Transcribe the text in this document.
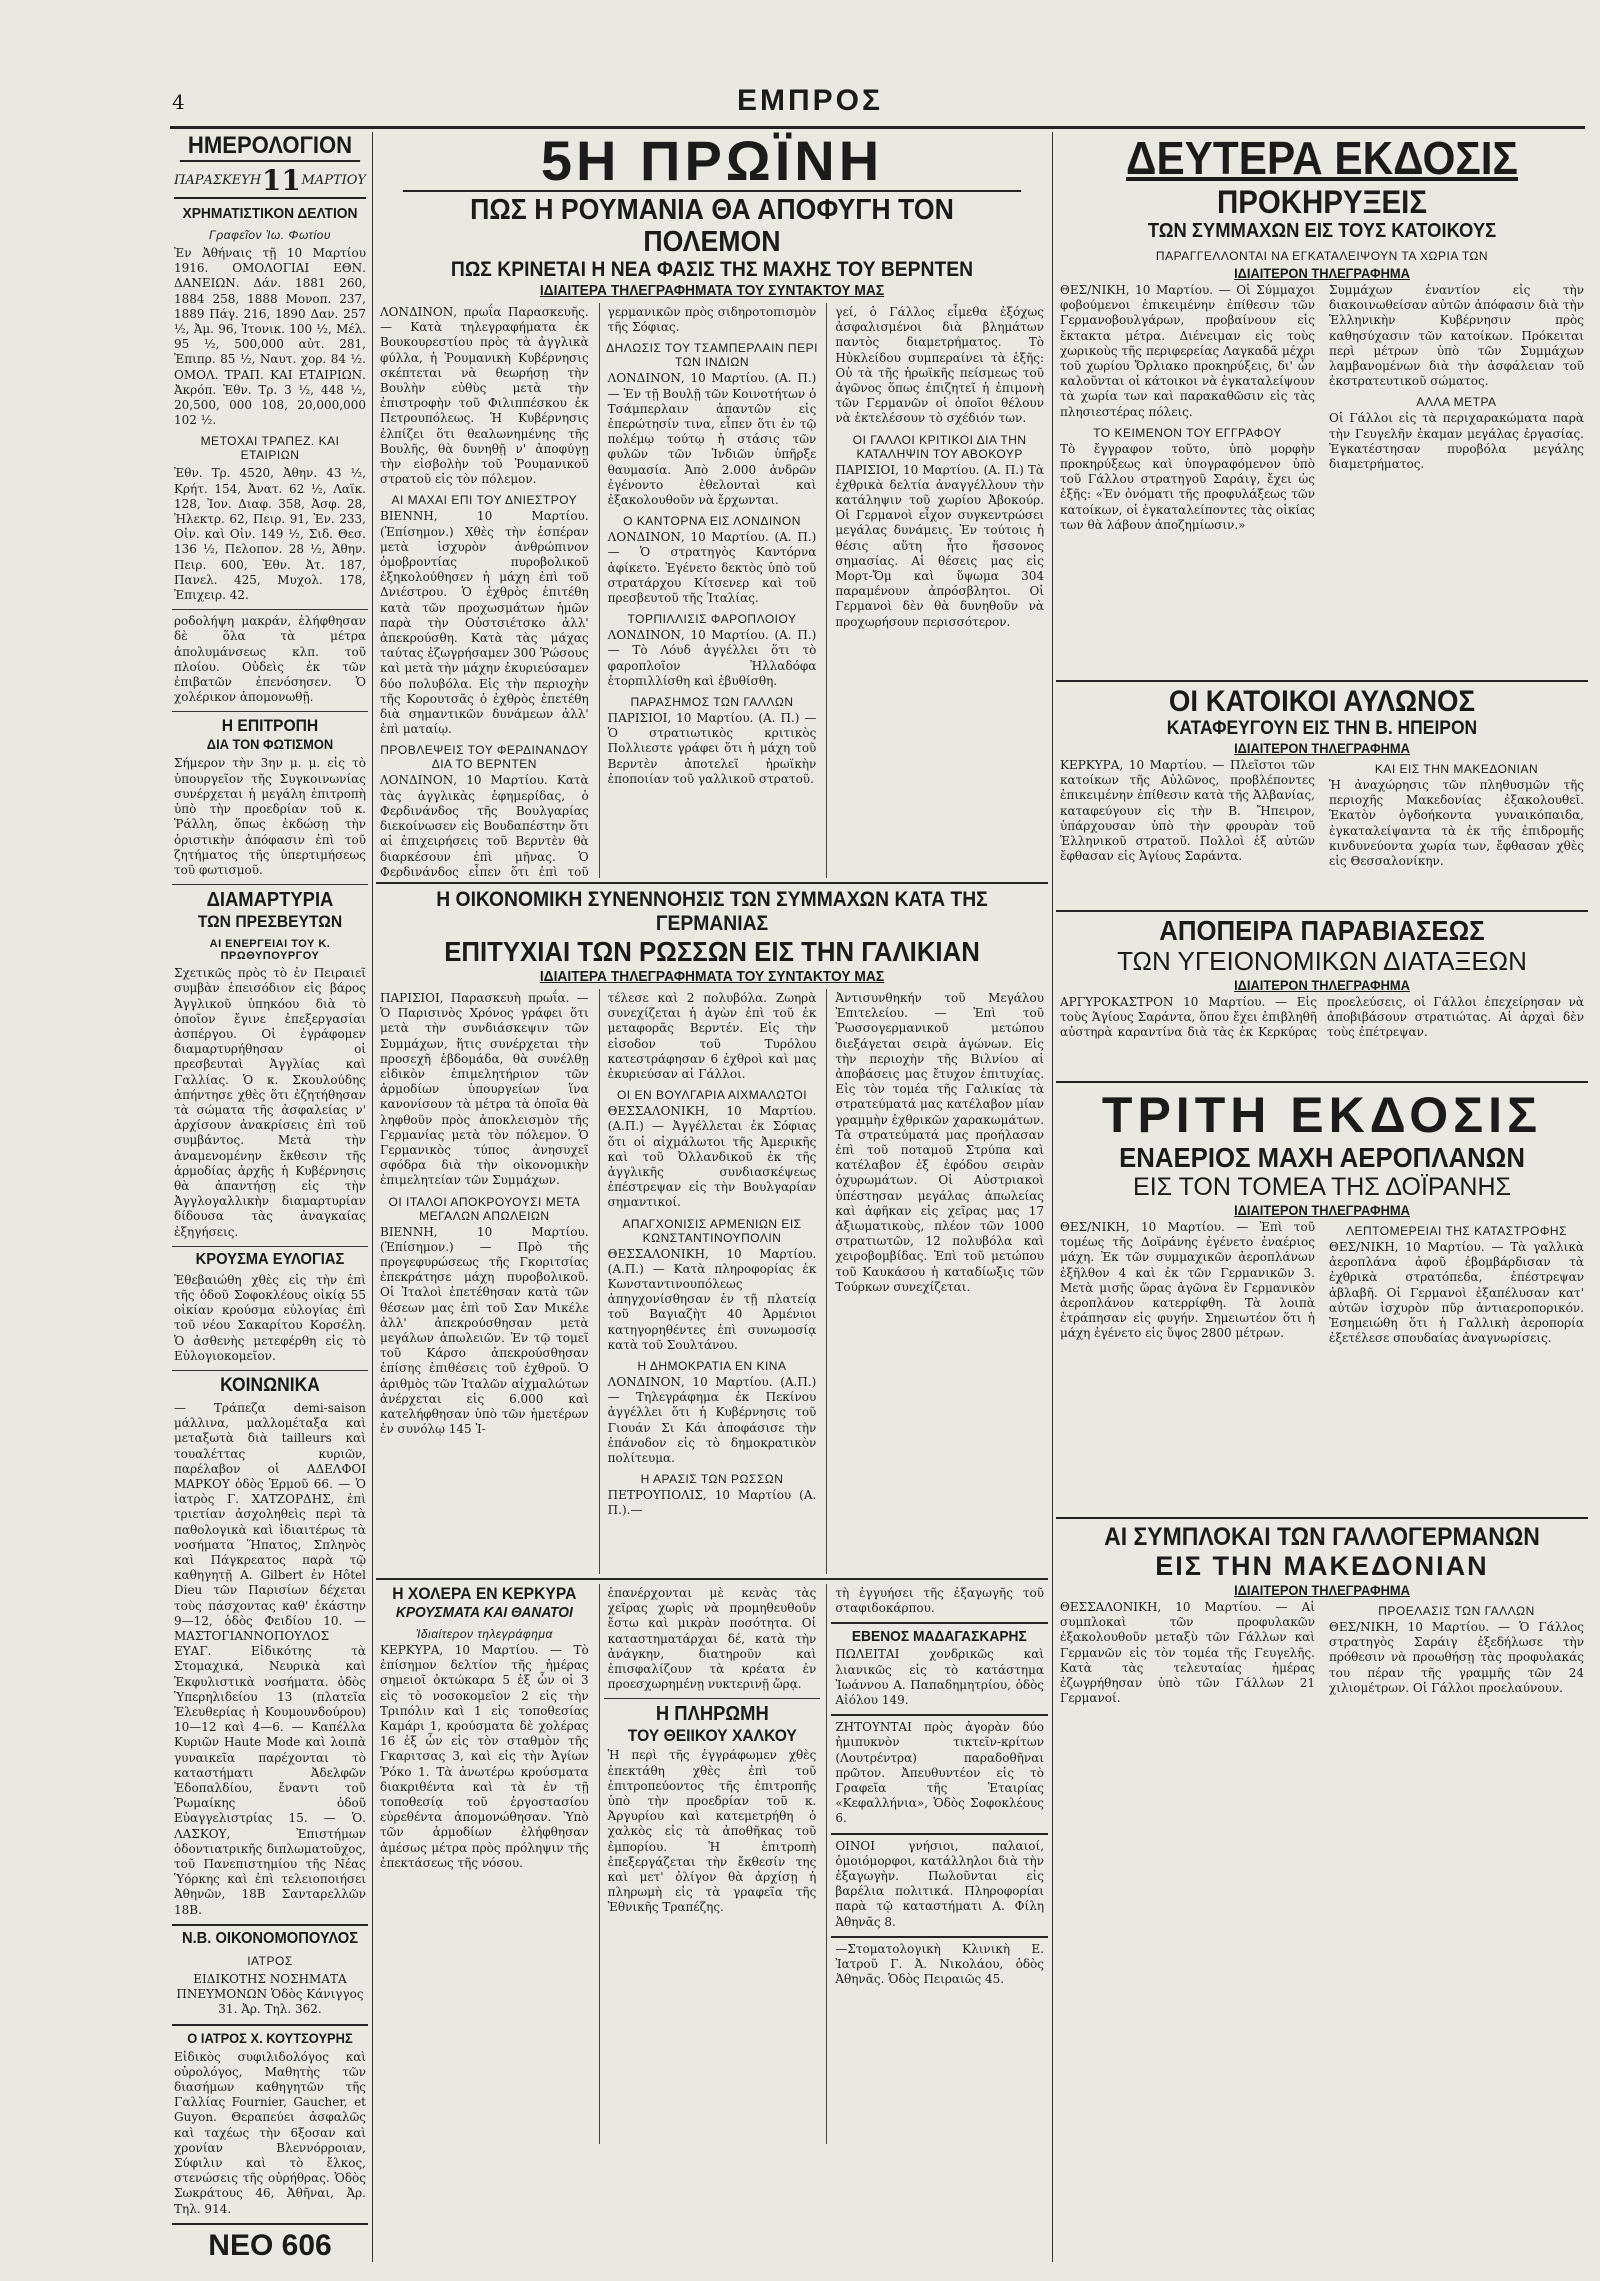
4	ΕΜΠΡΟΣ
ΗΜΕΡΟΛΟΓΙΟΝ
ΠΑΡΑΣΚΕΥΗ 11 ΜΑΡΤΙΟΥ
ΧΡΗΜΑΤΙΣΤΙΚΟΝ ΔΕΛΤΙΟΝ
Γραφεῖον Ἰω. Φωτίου
Ἐν Ἀθήναις τῇ 10 Μαρτίου 1916. ΟΜΟΛΟΓΙΑΙ ΕΘΝ. ΔΑΝΕΙΩΝ. Δάν. 1881 260, 1884 258, 1888 Μονοπ. 237, 1889 Πάγ. 216, 1890 Δαν. 257 ½, Ἀμ. 96, Ἰτονικ. 100 ½, Μέλ. 95 ½, 500,000 αὐτ. 281, Ἐπιπρ. 85 ½, Ναυτ. χορ. 84 ½. ΟΜΟΛ. ΤΡΑΠ. ΚΑΙ ΕΤΑΙΡΙΩΝ. Ἀκρόπ. Ἐθν. Τρ. 3 ½, 448 ½, 20,500, 000 108, 20,000,000 102 ½.
ΜΕΤΟΧΑΙ ΤΡΑΠΕΖ. ΚΑΙ ΕΤΑΙΡΙΩΝ
Ἐθν. Τρ. 4520, Ἀθην. 43 ½, Κρήτ. 154, Ἀνατ. 62 ½, Λαϊκ. 128, Ἰον. Διαφ. 358, Ἀσφ. 28, Ἠλεκτρ. 62, Πειρ. 91, Ἐν. 233, Οἰν. καὶ Οἰν. 149 ½, Σιδ. Θεσ. 136 ½, Πελοπον. 28 ½, Ἀθην. Πειρ. 600, Ἐθν. Ἀτ. 187, Πανελ. 425, Μυχολ. 178, Ἐπιχειρ. 42.
ροδολήψη μακράν, ἐλήφθησαν δὲ ὅλα τὰ μέτρα ἀπολυμάνσεως κλπ. τοῦ πλοίου. Οὐδεὶς ἐκ τῶν ἐπιβατῶν ἐπενόσησεν. Ὁ χολέρικον ἀπομονωθῇ.
Η ΕΠΙΤΡΟΠΗ
ΔΙΑ ΤΟΝ ΦΩΤΙΣΜΟΝ
Σήμερον τὴν 3ην μ. μ. εἰς τὸ ὑπουργεῖον τῆς Συγκοινωνίας συνέρχεται ἡ μεγάλη ἐπιτροπὴ ὑπὸ τὴν προεδρίαν τοῦ κ. Ῥάλλη, ὅπως ἐκδώσῃ τὴν ὁριστικὴν ἀπόφασιν ἐπὶ τοῦ ζητήματος τῆς ὑπερτιμήσεως τοῦ φωτισμοῦ.
ΔΙΑΜΑΡΤΥΡΙΑ
ΤΩΝ ΠΡΕΣΒΕΥΤΩΝ
ΑΙ ΕΝΕΡΓΕΙΑΙ ΤΟΥ Κ. ΠΡΩΘΥΠΟΥΡΓΟΥ
Σχετικῶς πρὸς τὸ ἐν Πειραιεῖ συμβὰν ἐπεισόδιον εἰς βάρος Ἀγγλικοῦ ὑπηκόου διὰ τὸ ὁποῖον ἔγινε ἐπεξεργασίαι ἀσπέργου. Οἱ ἐγράφομεν διαμαρτυρήθησαν οἱ πρεσβευταὶ Ἀγγλίας καὶ Γαλλίας. Ὁ κ. Σκουλούδης ἀπήντησε χθὲς ὅτι ἐζητήθησαν τὰ σώματα τῆς ἀσφαλείας ν' ἀρχίσουν ἀνακρίσεις ἐπὶ τοῦ συμβάντος. Μετὰ τὴν ἀναμενομένην ἔκθεσιν τῆς ἁρμοδίας ἀρχῆς ἡ Κυβέρνησις θὰ ἀπαντήσῃ εἰς τὴν Ἀγγλογαλλικὴν διαμαρτυρίαν δίδουσα τὰς ἀναγκαίας ἐξηγήσεις.
ΚΡΟΥΣΜΑ ΕΥΛΟΓΙΑΣ
Ἐθεβαιώθη χθὲς εἰς τὴν ἐπὶ τῆς ὁδοῦ Σοφοκλέους οἰκίᾳ 55 οἰκίαν κρούσμα εὐλογίας ἐπὶ τοῦ νέου Σακαρίτου Κορσέλη. Ὁ ἀσθενὴς μετεφέρθη εἰς τὸ Εὐλογιοκομεῖον.
ΚΟΙΝΩΝΙΚΑ
— Τράπεζα demi-saison μάλλινα, μαλλομέταξα καὶ μεταξωτὰ διὰ tailleurs καὶ τουαλέττας κυριῶν, παρέλαβον οἱ ΑΔΕΛΦΟΙ ΜΑΡΚΟΥ ὁδὸς Ἑρμοῦ 66. — Ὁ ἰατρὸς Γ. ΧΑΤΖΟΡΔΗΣ, ἐπὶ τριετίαν ἀσχοληθεὶς περὶ τὰ παθολογικὰ καὶ ἰδιαιτέρως τὰ νοσήματα Ἥπατος, Σπληνὸς καὶ Πάγκρεατος παρὰ τῷ καθηγητῇ A. Gilbert ἐν Hôtel Dieu τῶν Παρισίων δέχεται τοὺς πάσχοντας καθ' ἑκάστην 9—12, ὁδὸς Φειδίου 10. — ΜΑΣΤΟΓΙΑΝΝΟΠΟΥΛΟΣ ΕΥΑΓ. Εἰδικότης τὰ Στομαχικά, Νευρικὰ καὶ Ἐκφυλιστικὰ νοσήματα. ὁδὸς Ὑπερηλιδείου 13 (πλατεῖα Ἐλευθερίας ἡ Κουμουνδούρου) 10—12 καὶ 4—6. — Καπέλλα Κυριῶν Haute Mode καὶ λοιπὰ γυναικεῖα παρέχονται τὸ καταστήματι Ἀδελφῶν Ἐδοπαλδίου, ἔναντι τοῦ Ῥωμαίκης ὁδοῦ Εὐαγγελιστρίας 15. — Ὁ. ΛΑΣΚΟΥ, Ἐπιστήμων ὀδοντιατρικῆς διπλωματοῦχος, τοῦ Πανεπιστημίου τῆς Νέας Ὑόρκης καὶ ἐπὶ τελειοποιήσει Ἀθηνῶν, 18Β Σανταρελλῶν 18Β.
Ν.Β. ΟΙΚΟΝΟΜΟΠΟΥΛΟΣ
ΙΑΤΡΟΣ
ΕΙΔΙΚΟΤΗΣ ΝΟΣΗΜΑΤΑ ΠΝΕΥΜΟΝΩΝ Ὁδὸς Κάνιγγος 31. Ἀρ. Τηλ. 362.
Ο ΙΑΤΡΟΣ Χ. ΚΟΥΤΣΟΥΡΗΣ
Εἰδικὸς συφιλιδολόγος καὶ οὐρολόγος, Μαθητὴς τῶν διασήμων καθηγητῶν τῆς Γαλλίας Fournier, Gaucher, et Guyon. Θεραπεύει ἀσφαλῶς καὶ ταχέως τὴν 6ξοσαν καὶ χρονίαν Βλεννόρροιαν, Σύφιλιν καὶ τὸ ἔλκος, στενώσεις τῆς οὐρήθρας. Ὁδὸς Σωκράτους 46, Ἀθῆναι, Ἀρ. Τηλ. 914.
ΝΕΟ 606
5Η ΠΡΩΪΝΗ
ΠΩΣ Η ΡΟΥΜΑΝΙΑ ΘΑ ΑΠΟΦΥΓΗ ΤΟΝ ΠΟΛΕΜΟΝ
ΠΩΣ ΚΡΙΝΕΤΑΙ Η ΝΕΑ ΦΑΣΙΣ ΤΗΣ ΜΑΧΗΣ ΤΟΥ ΒΕΡΝΤΕΝ
ΙΔΙΑΙΤΕΡΑ ΤΗΛΕΓΡΑΦΗΜΑΤΑ ΤΟΥ ΣΥΝΤΑΚΤΟΥ ΜΑΣ
ΛΟΝΔΙΝΟΝ, πρωΐα Παρασκευῆς.— Κατὰ τηλεγραφήματα ἐκ Βουκουρεστίου πρὸς τὰ ἀγγλικὰ φύλλα, ἡ Ῥουμανικὴ Κυβέρνησις σκέπτεται νὰ θεωρήσῃ τὴν Βουλὴν εὐθὺς μετὰ τὴν ἐπιστροφὴν τοῦ Φιλιππέσκου ἐκ Πετρουπόλεως. Ἡ Κυβέρνησις ἐλπίζει ὅτι θεαλωνημένης τῆς Βουλῆς, θὰ δυνηθῇ ν' ἀποφύγῃ τὴν εἰσβολὴν τοῦ Ῥουμανικοῦ στρατοῦ εἰς τὸν πόλεμον.
ΑΙ ΜΑΧΑΙ ΕΠΙ ΤΟΥ ΔΝΙΕΣΤΡΟΥ
ΒΙΕΝΝΗ, 10 Μαρτίου. (Ἐπίσημον.) Χθὲς τὴν ἑσπέραν μετὰ ἰσχυρὸν ἀνθρώπινον ὁμοβροντίας πυροβολικοῦ ἐξηκολούθησεν ἡ μάχη ἐπὶ τοῦ Δνιέστρου. Ὁ ἐχθρὸς ἐπιτέθη κατὰ τῶν προχωσμάτων ἡμῶν παρὰ τὴν Οὐστσιέτσκο ἀλλ' ἀπεκρούσθη. Κατὰ τὰς μάχας ταύτας ἐζωγρήσαμεν 300 Ῥώσους καὶ μετὰ τὴν μάχην ἐκυριεύσαμεν δύο πολυβόλα. Εἰς τὴν περιοχὴν τῆς Κορουτσᾶς ὁ ἐχθρὸς ἐπετέθη διὰ σημαντικῶν δυνάμεων ἀλλ' ἐπὶ ματαίῳ.
ΠΡΟΒΛΕΨΕΙΣ ΤΟΥ ΦΕΡΔΙΝΑΝΔΟΥ ΔΙΑ ΤΟ ΒΕΡΝΤΕΝ
ΛΟΝΔΙΝΟΝ, 10 Μαρτίου. Κατὰ τὰς ἀγγλικὰς ἐφημερίδας, ὁ Φερδινάνδος τῆς Βουλγαρίας διεκοίνωσεν εἰς Βουδαπέστην ὅτι αἱ ἐπιχειρήσεις τοῦ Βερντὲν θὰ διαρκέσουν ἐπὶ μῆνας. Ὁ Φερδινάνδος εἶπεν ὅτι ἐπὶ τοῦ
γερμανικῶν πρὸς σιδηροτοπισμὸν τῆς Σόφιας.
ΔΗΛΩΣΙΣ ΤΟΥ ΤΣΑΜΠΕΡΛΑΙΝ ΠΕΡΙ ΤΩΝ ΙΝΔΙΩΝ
ΛΟΝΔΙΝΟΝ, 10 Μαρτίου. (Α. Π.) — Ἐν τῇ Βουλῇ τῶν Κοινοτήτων ὁ Τσάμπερλαιν ἀπαντῶν εἰς ἐπερώτησίν τινα, εἶπεν ὅτι ἐν τῷ πολέμῳ τούτῳ ἡ στάσις τῶν φυλῶν τῶν Ἰνδιῶν ὑπῆρξε θαυμασία. Ἀπὸ 2.000 ἀνδρῶν ἐγένοντο ἐθελονταὶ καὶ ἐξακολουθοῦν νὰ ἔρχωνται.
Ο ΚΑΝΤΟΡΝΑ ΕΙΣ ΛΟΝΔΙΝΟΝ
ΛΟΝΔΙΝΟΝ, 10 Μαρτίου. (Α. Π.) — Ὁ στρατηγὸς Καντόρνα ἀφίκετο. Ἐγένετο δεκτὸς ὑπὸ τοῦ στρατάρχου Κίτσενερ καὶ τοῦ πρεσβευτοῦ τῆς Ἰταλίας.
ΤΟΡΠΙΛΛΙΣΙΣ ΦΑΡΟΠΛΟΙΟΥ
ΛΟΝΔΙΝΟΝ, 10 Μαρτίου. (Α. Π.) — Τὸ Λόυδ ἀγγέλλει ὅτι τὸ φαροπλοῖον Ἠλλαδόφα ἐτορπιλλίσθη καὶ ἐβυθίσθη.
ΠΑΡΑΣΗΜΟΣ ΤΩΝ ΓΑΛΛΩΝ
ΠΑΡΙΣΙΟΙ, 10 Μαρτίου. (Α. Π.) — Ὁ στρατιωτικὸς κριτικὸς Πολλιεστε γράφει ὅτι ἡ μάχη τοῦ Βερντὲν ἀποτελεῖ ἡρωϊκὴν ἐποποιίαν τοῦ γαλλικοῦ στρατοῦ.
γεί, ὁ Γάλλος εἶμεθα ἐξόχως ἀσφαλισμένοι διὰ βλημάτων παντὸς διαμετρήματος. Τὸ Ηὐκλείδου συμπεραίνει τὰ ἑξῆς: Οὐ τὰ τῆς ἡρωϊκῆς πείσμεως τοῦ ἀγῶνος ὅπως ἐπιζητεῖ ἡ ἐπιμονὴ τῶν Γερμανῶν οἱ ὁποῖοι θέλουν νὰ ἐκτελέσουν τὸ σχέδιόν των.
ΟΙ ΓΑΛΛΟΙ ΚΡΙΤΙΚΟΙ ΔΙΑ ΤΗΝ ΚΑΤΑΛΗΨΙΝ ΤΟΥ ΑΒΟΚΟΥΡ
ΠΑΡΙΣΙΟΙ, 10 Μαρτίου. (Α. Π.) Τὰ ἐχθρικὰ δελτία ἀναγγέλλουν τὴν κατάληψιν τοῦ χωρίου Ἀβοκούρ. Οἱ Γερμανοὶ εἶχον συγκεντρώσει μεγάλας δυνάμεις. Ἐν τούτοις ἡ θέσις αὕτη ἦτο ἥσσονος σημασίας. Αἱ θέσεις μας εἰς Μορτ-Ὄμ καὶ ὕψωμα 304 παραμένουν ἀπρόσβλητοι. Οἱ Γερμανοὶ δὲν θὰ δυνηθοῦν νὰ προχωρήσουν περισσότερον.
Η ΟΙΚΟΝΟΜΙΚΗ ΣΥΝΕΝΝΟΗΣΙΣ ΤΩΝ ΣΥΜΜΑΧΩΝ ΚΑΤΑ ΤΗΣ ΓΕΡΜΑΝΙΑΣ
ΕΠΙΤΥΧΙΑΙ ΤΩΝ ΡΩΣΣΩΝ ΕΙΣ ΤΗΝ ΓΑΛΙΚΙΑΝ
ΙΔΙΑΙΤΕΡΑ ΤΗΛΕΓΡΑΦΗΜΑΤΑ ΤΟΥ ΣΥΝΤΑΚΤΟΥ ΜΑΣ
ΠΑΡΙΣΙΟΙ, Παρασκευὴ πρωΐα. — Ὁ Παρισινὸς Χρόνος γράφει ὅτι μετὰ τὴν συνδιάσκεψιν τῶν Συμμάχων, ἥτις συνέρχεται τὴν προσεχῆ ἑβδομάδα, θὰ συνέλθῃ εἰδικὸν ἐπιμελητήριον τῶν ἀρμοδίων ὑπουργείων ἵνα κανονίσουν τὰ μέτρα τὰ ὁποῖα θὰ ληφθοῦν πρὸς ἀποκλεισμὸν τῆς Γερμανίας μετὰ τὸν πόλεμον. Ὁ Γερμανικὸς τύπος ἀνησυχεῖ σφόδρα διὰ τὴν οἰκονομικὴν ἐπιμελητείαν τῶν Συμμάχων.
ΟΙ ΙΤΑΛΟΙ ΑΠΟΚΡΟΥΟΥΣΙ ΜΕΤΑ ΜΕΓΑΛΩΝ ΑΠΩΛΕΙΩΝ
ΒΙΕΝΝΗ, 10 Μαρτίου. (Ἐπίσημον.) — Πρὸ τῆς προγεφυρώσεως τῆς Γκοριτσίας ἐπεκράτησε μάχη πυροβολικοῦ. Οἱ Ἰταλοὶ ἐπετέθησαν κατὰ τῶν θέσεων μας ἐπὶ τοῦ Σαν Μικέλε ἀλλ' ἀπεκρούσθησαν μετὰ μεγάλων ἀπωλειῶν. Ἐν τῷ τομεῖ τοῦ Κάρσο ἀπεκρούσθησαν ἐπίσης ἐπιθέσεις τοῦ ἐχθροῦ. Ὁ ἀριθμὸς τῶν Ἰταλῶν αἰχμαλώτων ἀνέρχεται εἰς 6.000 καὶ κατελήφθησαν ὑπὸ τῶν ἡμετέρων ἐν συνόλῳ 145 Ἰ-
τέλεσε καὶ 2 πολυβόλα. Ζωηρὰ συνεχίζεται ἡ ἀγὼν ἐπὶ τοῦ ἐκ μεταφορᾶς Βερντέν. Εἰς τὴν εἰσοδον τοῦ Τυρόλου κατεστράφησαν 6 ἐχθροὶ καὶ μας ἐκυριεύσαν αἱ Γάλλοι.
ΟΙ ΕΝ ΒΟΥΛΓΑΡΙΑ ΑΙΧΜΑΛΩΤΟΙ
ΘΕΣΣΑΛΟΝΙΚΗ, 10 Μαρτίου. (Α.Π.) — Ἀγγέλλεται ἐκ Σόφιας ὅτι οἱ αἰχμάλωτοι τῆς Ἀμερικῆς καὶ τοῦ Ὀλλανδικοῦ ἐκ τῆς ἀγγλικῆς συνδιασκέψεως ἐπέστρεψαν εἰς τὴν Βουλγαρίαν σημαντικοί.
ΑΠΑΓΧΟΝΙΣΙΣ ΑΡΜΕΝΙΩΝ ΕΙΣ ΚΩΝΣΤΑΝΤΙΝΟΥΠΟΛΙΝ
ΘΕΣΣΑΛΟΝΙΚΗ, 10 Μαρτίου. (Α.Π.) — Κατὰ πληροφορίας ἐκ Κωνσταντινουπόλεως ἀπηγχονίσθησαν ἐν τῇ πλατείᾳ τοῦ Βαγιαζὴτ 40 Ἀρμένιοι κατηγορηθέντες ἐπὶ συνωμοσίᾳ κατὰ τοῦ Σουλτάνου.
Η ΔΗΜΟΚΡΑΤΙΑ ΕΝ ΚΙΝΑ
ΛΟΝΔΙΝΟΝ, 10 Μαρτίου. (Α.Π.) — Τηλεγράφημα ἐκ Πεκίνου ἀγγέλλει ὅτι ἡ Κυβέρνησις τοῦ Γιουάν Σι Κάι ἀποφάσισε τὴν ἐπάνοδον εἰς τὸ δημοκρατικὸν πολίτευμα.
Η ΑΡΑΣΙΣ ΤΩΝ ΡΩΣΣΩΝ
ΠΕΤΡΟΥΠΟΛΙΣ, 10 Μαρτίου (Α. Π.).—
Ἀντισυνθηκήν τοῦ Μεγάλου Ἐπιτελείου. — Ἐπὶ τοῦ Ῥωσσογερμανικοῦ μετώπου διεξάγεται σειρὰ ἀγώνων. Εἰς τὴν περιοχὴν τῆς Βιλνίου αἱ ἀποβάσεις μας ἔτυχον ἐπιτυχίας. Εἰς τὸν τομέα τῆς Γαλικίας τὰ στρατεύματά μας κατέλαβον μίαν γραμμὴν ἐχθρικῶν χαρακωμάτων. Τὰ στρατεύματά μας προήλασαν ἐπὶ τοῦ ποταμοῦ Στρύπα καὶ κατέλαβον ἐξ ἐφόδου σειρὰν ὀχυρωμάτων. Οἱ Αὐστριακοὶ ὑπέστησαν μεγάλας ἀπωλείας καὶ ἀφῆκαν εἰς χεῖρας μας 17 ἀξιωματικοὺς, πλέον τῶν 1000 στρατιωτῶν, 12 πολυβόλα καὶ χειροβομβίδας. Ἐπὶ τοῦ μετώπου τοῦ Καυκάσου ἡ καταδίωξις τῶν Τούρκων συνεχίζεται.
Η ΧΟΛΕΡΑ ΕΝ ΚΕΡΚΥΡΑ
ΚΡΟΥΣΜΑΤΑ ΚΑΙ ΘΑΝΑΤΟΙ
Ἰδιαίτερον τηλεγράφημα
ΚΕΡΚΥΡΑ, 10 Μαρτίου. — Τὸ ἐπίσημον δελτίον τῆς ἡμέρας σημειοῖ ὀκτώκαρα 5 ἐξ ὧν οἱ 3 εἰς τὸ νοσοκομεῖον 2 εἰς τὴν Τριπόλιν καὶ 1 εἰς τοποθεσίας Καμάρι 1, κρούσματα δὲ χολέρας 16 ἐξ ὧν εἰς τὸν σταθμὸν τῆς Γκαριτσας 3, καὶ εἰς τὴν Ἀγίων Ῥόκο 1. Τὰ ἀνωτέρω κρούσματα διακριθέντα καὶ τὰ ἐν τῇ τοποθεσίᾳ τοῦ ἐργοστασίου εὑρεθέντα ἀπομονώθησαν. Ὑπὸ τῶν ἀρμοδίων ἐλήφθησαν ἀμέσως μέτρα πρὸς πρόληψιν τῆς ἐπεκτάσεως τῆς νόσου.
ἐπανέρχονται μὲ κενὰς τὰς χεῖρας χωρὶς νὰ προμηθευθοῦν ἔστω καὶ μικρὰν ποσότητα. Οἱ καταστηματάρχαι δέ, κατὰ τὴν ἀνάγκην, διατηροῦν καὶ ἐπισφαλίζουν τὰ κρέατα ἐν προεσχωρημένῃ νυκτερινῇ ὥρᾳ.
Η ΠΛΗΡΩΜΗ
ΤΟΥ ΘΕΙΙΚΟΥ ΧΑΛΚΟΥ
Ἡ περὶ τῆς ἐγγράφωμεν χθὲς ἐπεκτάθη χθὲς ἐπὶ τοῦ ἐπιτροπεύοντος τῆς ἐπιτροπῆς ὑπὸ τὴν προεδρίαν τοῦ κ. Ἀργυρίου καὶ κατεμετρήθη ὁ χαλκὸς εἰς τὰ ἀποθῆκας τοῦ ἐμπορίου. Ἡ ἐπιτροπὴ ἐπεξεργάζεται τὴν ἔκθεσίν της καὶ μετ' ὀλίγον θὰ ἀρχίσῃ ἡ πληρωμὴ εἰς τὰ γραφεῖα τῆς Ἐθνικῆς Τραπέζης.
τὴ ἐγγυήσει τῆς ἐξαγωγῆς τοῦ σταφιδοκάρπου.
ΕΒΕΝΟΣ ΜΑΔΑΓΑΣΚΑΡΗΣ
ΠΩΛΕΙΤΑΙ χονδρικῶς καὶ λιανικῶς εἰς τὸ κατάστημα Ἰωάννου Α. Παπαδημητρίου, ὁδὸς Αἰόλου 149.
ΖΗΤΟΥΝΤΑΙ πρὸς ἀγορὰν δύο ἠμιπυκνὸν τικτεῖν-κρίτων (Λουτρέντρα) παραδοθῆναι πρῶτον. Ἀπευθυντέον εἰς τὸ Γραφεῖα τῆς Ἑταιρίας «Κεφαλλήνια», Ὁδὸς Σοφοκλέους 6.
ΟΙΝΟΙ γνήσιοι, παλαιοί, ὁμοιόμορφοι, κατάλληλοι διὰ τὴν ἐξαγωγὴν. Πωλοῦνται εἰς βαρέλια πολιτικά. Πληροφορίαι παρὰ τῷ καταστήματι Α. Φίλη Ἀθηνᾶς 8.
—Στοματολογικὴ Κλινικὴ Ε. Ἰατροῦ Γ. Ἀ. Νικολάου, ὁδὸς Ἀθηνᾶς. Ὁδὸς Πειραιῶς 45.
ΔΕΥΤΕΡΑ ΕΚΔΟΣΙΣ
ΠΡΟΚΗΡΥΞΕΙΣ
ΤΩΝ ΣΥΜΜΑΧΩΝ ΕΙΣ ΤΟΥΣ ΚΑΤΟΙΚΟΥΣ
ΠΑΡΑΓΓΕΛΛΟΝΤΑΙ ΝΑ ΕΓΚΑΤΑΛΕΙΨΟΥΝ ΤΑ ΧΩΡΙΑ ΤΩΝ
ΙΔΙΑΙΤΕΡΟΝ ΤΗΛΕΓΡΑΦΗΜΑ
ΘΕΣ/ΝΙΚΗ, 10 Μαρτίου. — Οἱ Σύμμαχοι φοβούμενοι ἐπικειμένην ἐπίθεσιν τῶν Γερμανοβουλγάρων, προβαίνουν εἰς ἔκτακτα μέτρα. Διένειμαν εἰς τοὺς χωρικοὺς τῆς περιφερείας Λαγκαδᾶ μέχρι τοῦ χωρίου Ὄρλιακο προκηρύξεις, δι' ὧν καλοῦνται οἱ κάτοικοι νὰ ἐγκαταλείψουν τὰ χωρία των καὶ παρακαθῶσιν εἰς τὰς πλησιεστέρας πόλεις.
ΤΟ ΚΕΙΜΕΝΟΝ ΤΟΥ ΕΓΓΡΑΦΟΥ
Τὸ ἔγγραφον τοῦτο, ὑπὸ μορφὴν προκηρύξεως καὶ ὑπογραφόμενον ὑπὸ τοῦ Γάλλου στρατηγοῦ Σαράιγ, ἔχει ὡς ἑξῆς: «Ἐν ὀνόματι τῆς προφυλάξεως τῶν κατοίκων, οἱ ἐγκαταλείποντες τὰς οἰκίας των θὰ λάβουν ἀποζημίωσιν.»
Συμμάχων ἐναντίον εἰς τὴν διακοινωθείσαν αὐτῶν ἀπόφασιν διὰ τὴν Ἑλληνικὴν Κυβέρνησιν πρὸς καθησύχασιν τῶν κατοίκων. Πρόκειται περὶ μέτρων ὑπὸ τῶν Συμμάχων λαμβανομένων διὰ τὴν ἀσφάλειαν τοῦ ἐκστρατευτικοῦ σώματος.
ΑΛΛΑ ΜΕΤΡΑ
Οἱ Γάλλοι εἰς τὰ περιχαρακώματα παρὰ τὴν Γευγελῆν ἐκαμαν μεγάλας ἐργασίας. Ἐγκατέστησαν πυροβόλα μεγάλης διαμετρήματος.
ΟΙ ΚΑΤΟΙΚΟΙ ΑΥΛΩΝΟΣ
ΚΑΤΑΦΕΥΓΟΥΝ ΕΙΣ ΤΗΝ Β. ΗΠΕΙΡΟΝ
ΙΔΙΑΙΤΕΡΟΝ ΤΗΛΕΓΡΑΦΗΜΑ
ΚΕΡΚΥΡΑ, 10 Μαρτίου. — Πλεῖστοι τῶν κατοίκων τῆς Αὐλῶνος, προβλέποντες ἐπικειμένην ἐπίθεσιν κατὰ τῆς Ἀλβανίας, καταφεύγουν εἰς τὴν Β. Ἤπειρον, ὑπάρχουσαν ὑπὸ τὴν φρουρὰν τοῦ Ἑλληνικοῦ στρατοῦ. Πολλοὶ ἐξ αὐτῶν ἔφθασαν εἰς Ἀγίους Σαράντα.
ΚΑΙ ΕΙΣ ΤΗΝ ΜΑΚΕΔΟΝΙΑΝ
Ἡ ἀναχώρησις τῶν πληθυσμῶν τῆς περιοχῆς Μακεδονίας ἐξακολουθεῖ. Ἑκατὸν ὀγδοήκοντα γυναικόπαιδα, ἐγκαταλείψαντα τὰ ἐκ τῆς ἐπιδρομῆς κινδυνεύοντα χωρία των, ἔφθασαν χθὲς εἰς Θεσσαλονίκην.
ΑΠΟΠΕΙΡΑ ΠΑΡΑΒΙΑΣΕΩΣ
ΤΩΝ ΥΓΕΙΟΝΟΜΙΚΩΝ ΔΙΑΤΑΞΕΩΝ
ΙΔΙΑΙΤΕΡΟΝ ΤΗΛΕΓΡΑΦΗΜΑ
ΑΡΓΥΡΟΚΑΣΤΡΟΝ 10 Μαρτίου. — Εἰς τοὺς Ἁγίους Σαράντα, ὅπου ἔχει ἐπιβληθῆ αὐστηρὰ καραντίνα διὰ τὰς ἐκ Κερκύρας προελεύσεις, οἱ Γάλλοι ἐπεχείρησαν νὰ ἀποβιβάσουν στρατιώτας. Αἱ ἀρχαὶ δὲν τοὺς ἐπέτρεψαν.
ΤΡΙΤΗ ΕΚΔΟΣΙΣ
ΕΝΑΕΡΙΟΣ ΜΑΧΗ ΑΕΡΟΠΛΑΝΩΝ
ΕΙΣ ΤΟΝ ΤΟΜΕΑ ΤΗΣ ΔΟΪΡΑΝΗΣ
ΙΔΙΑΙΤΕΡΟΝ ΤΗΛΕΓΡΑΦΗΜΑ
ΘΕΣ/ΝΙΚΗ, 10 Μαρτίου. — Ἐπὶ τοῦ τομέως τῆς Δοϊράνης ἐγένετο ἐναέριος μάχη. Ἐκ τῶν συμμαχικῶν ἀεροπλάνων ἐξῆλθον 4 καὶ ἐκ τῶν Γερμανικῶν 3. Μετὰ μισῆς ὥρας ἀγῶνα ἓν Γερμανικὸν ἀεροπλάνον κατερρίφθη. Τὰ λοιπὰ ἐτράπησαν εἰς φυγήν. Σημειωτέον ὅτι ἡ μάχη ἐγένετο εἰς ὕψος 2800 μέτρων.
ΛΕΠΤΟΜΕΡΕΙΑΙ ΤΗΣ ΚΑΤΑΣΤΡΟΦΗΣ
ΘΕΣ/ΝΙΚΗ, 10 Μαρτίου. — Τὰ γαλλικὰ ἀεροπλάνα ἀφοῦ ἐβομβάρδισαν τὰ ἐχθρικὰ στρατόπεδα, ἐπέστρεψαν ἀβλαβῆ. Οἱ Γερμανοὶ ἐξαπέλυσαν κατ' αὐτῶν ἰσχυρὸν πῦρ ἀντιαεροπορικόν. Ἐσημειώθη ὅτι ἡ Γαλλικὴ ἀεροπορία ἐξετέλεσε σπουδαίας ἀναγνωρίσεις.
ΑΙ ΣΥΜΠΛΟΚΑΙ ΤΩΝ ΓΑΛΛΟΓΕΡΜΑΝΩΝ
ΕΙΣ ΤΗΝ ΜΑΚΕΔΟΝΙΑΝ
ΙΔΙΑΙΤΕΡΟΝ ΤΗΛΕΓΡΑΦΗΜΑ
ΘΕΣΣΑΛΟΝΙΚΗ, 10 Μαρτίου. — Αἱ συμπλοκαὶ τῶν προφυλακῶν ἐξακολουθοῦν μεταξὺ τῶν Γάλλων καὶ Γερμανῶν εἰς τὸν τομέα τῆς Γευγελῆς. Κατὰ τὰς τελευταίας ἡμέρας ἐζωγρήθησαν ὑπὸ τῶν Γάλλων 21 Γερμανοί.
ΠΡΟΕΛΑΣΙΣ ΤΩΝ ΓΑΛΛΩΝ
ΘΕΣ/ΝΙΚΗ, 10 Μαρτίου. — Ὁ Γάλλος στρατηγὸς Σαράιγ ἐξεδήλωσε τὴν πρόθεσιν νὰ προωθήσῃ τὰς προφυλακάς του πέραν τῆς γραμμῆς τῶν 24 χιλιομέτρων. Οἱ Γάλλοι προελαύνουν.
